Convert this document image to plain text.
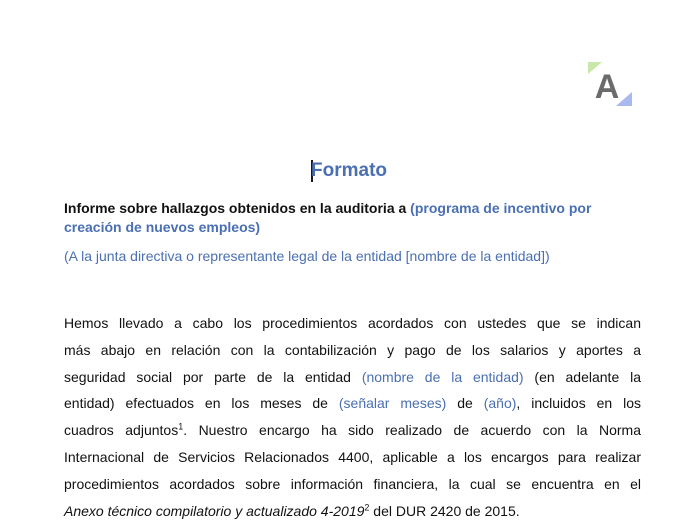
A
Formato
Informe sobre hallazgos obtenidos en la auditoria a (programa de incentivo por creación de nuevos empleos)
(A la junta directiva o representante legal de la entidad [nombre de la entidad])
Hemos llevado a cabo los procedimientos acordados con ustedes que se indican
más abajo en relación con la contabilización y pago de los salarios y aportes a
seguridad social por parte de la entidad (nombre de la entidad) (en adelante la
entidad) efectuados en los meses de (señalar meses) de (año), incluidos en los
cuadros adjuntos$^1$. Nuestro encargo ha sido realizado de acuerdo con la Norma
Internacional de Servicios Relacionados 4400, aplicable a los encargos para realizar
procedimientos acordados sobre información financiera, la cual se encuentra en el
Anexo técnico compilatorio y actualizado 4-2019$^2$ del DUR 2420 de 2015.
